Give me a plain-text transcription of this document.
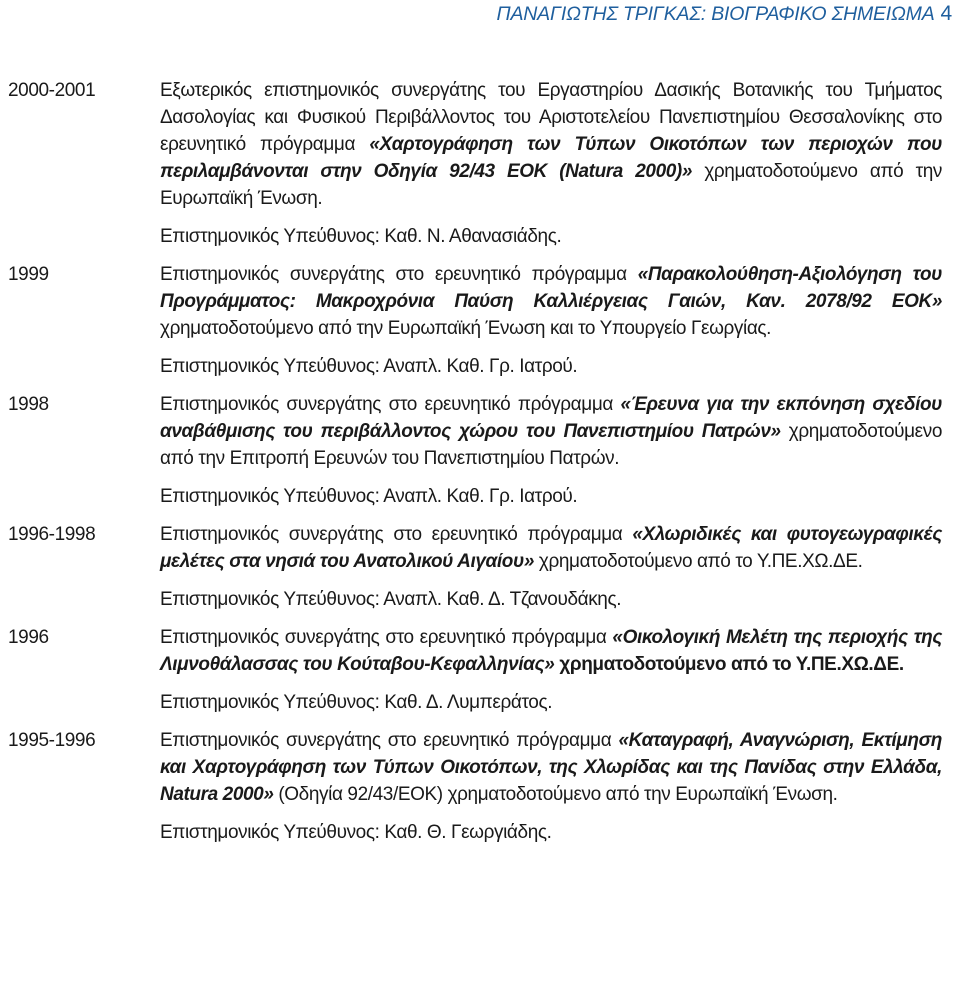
ΠΑΝΑΓΙΩΤΗΣ ΤΡΙΓΚΑΣ: ΒΙΟΓΡΑΦΙΚΟ ΣΗΜΕΙΩΜΑ 4
2000-2001	Εξωτερικός επιστημονικός συνεργάτης του Εργαστηρίου Δασικής Βοτανικής του Τμήματος Δασολογίας και Φυσικού Περιβάλλοντος του Αριστοτελείου Πανεπιστημίου Θεσσαλονίκης στο ερευνητικό πρόγραμμα «Χαρτογράφηση των Τύπων Οικοτόπων των περιοχών που περιλαμβάνονται στην Οδηγία 92/43 ΕΟΚ (Natura 2000)» χρηματοδοτούμενο από την Ευρωπαϊκή Ένωση.

Επιστημονικός Υπεύθυνος: Καθ. Ν. Αθανασιάδης.
1999	Επιστημονικός συνεργάτης στο ερευνητικό πρόγραμμα «Παρακολούθηση-Αξιολόγηση του Προγράμματος: Μακροχρόνια Παύση Καλλιέργειας Γαιών, Καν. 2078/92 ΕΟΚ» χρηματοδοτούμενο από την Ευρωπαϊκή Ένωση και το Υπουργείο Γεωργίας.

Επιστημονικός Υπεύθυνος: Αναπλ. Καθ. Γρ. Ιατρού.
1998	Επιστημονικός συνεργάτης στο ερευνητικό πρόγραμμα «Έρευνα για την εκπόνηση σχεδίου αναβάθμισης του περιβάλλοντος χώρου του Πανεπιστημίου Πατρών» χρηματοδοτούμενο από την Επιτροπή Ερευνών του Πανεπιστημίου Πατρών.

Επιστημονικός Υπεύθυνος: Αναπλ. Καθ. Γρ. Ιατρού.
1996-1998	Επιστημονικός συνεργάτης στο ερευνητικό πρόγραμμα «Χλωριδικές και φυτογεωγραφικές μελέτες στα νησιά του Ανατολικού Αιγαίου» χρηματοδοτούμενο από το Υ.ΠΕ.ΧΩ.ΔΕ.

Επιστημονικός Υπεύθυνος: Αναπλ. Καθ. Δ. Τζανουδάκης.
1996	Επιστημονικός συνεργάτης στο ερευνητικό πρόγραμμα «Οικολογική Μελέτη της περιοχής της Λιμνοθάλασσας του Κούταβου-Κεφαλληνίας» χρηματοδοτούμενο από το Υ.ΠΕ.ΧΩ.ΔΕ.

Επιστημονικός Υπεύθυνος: Καθ. Δ. Λυμπεράτος.
1995-1996	Επιστημονικός συνεργάτης στο ερευνητικό πρόγραμμα «Καταγραφή, Αναγνώριση, Εκτίμηση και Χαρτογράφηση των Τύπων Οικοτόπων, της Χλωρίδας και της Πανίδας στην Ελλάδα, Natura 2000» (Οδηγία 92/43/ΕΟΚ) χρηματοδοτούμενο από την Ευρωπαϊκή Ένωση.

Επιστημονικός Υπεύθυνος: Καθ. Θ. Γεωργιάδης.
